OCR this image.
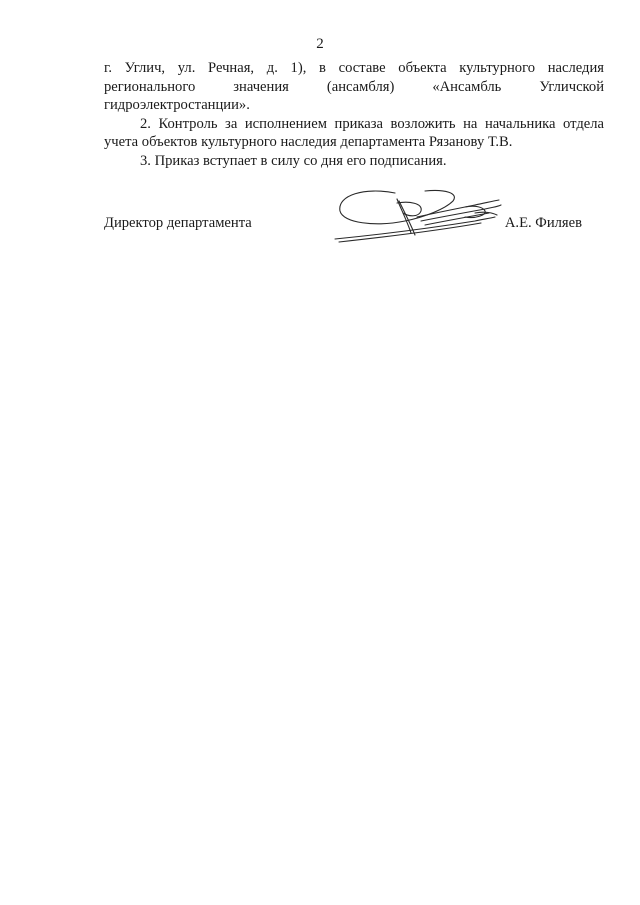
2

г. Углич, ул. Речная, д. 1), в составе объекта культурного наследия
регионального значения (ансамбля) «Ансамбль Угличской
гидроэлектростанции».

2. Контроль за исполнением приказа возложить на начальника отдела
учета объектов культурного наследия департамента Рязанову Т.В.

3. Приказ вступает в силу со дня его подписания.

Директор департамента	А.Е. Филяев
